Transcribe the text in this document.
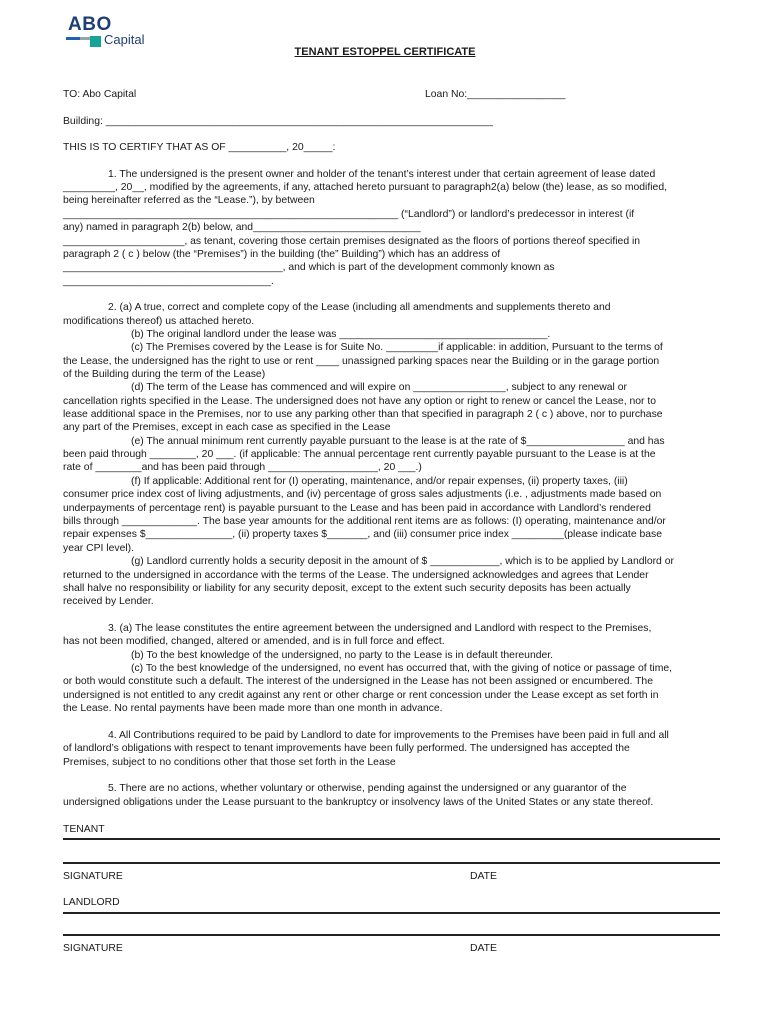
ABO
Capital
TENANT ESTOPPEL CERTIFICATE
TO: Abo Capital	Loan No:_________________
Building: ___________________________________________________________________
THIS IS TO CERTIFY THAT AS OF __________, 20_____:
1. The undersigned is the present owner and holder of the tenant’s interest under that certain agreement of lease dated
_________, 20__, modified by the agreements, if any, attached hereto pursuant to paragraph2(a) below (the) lease, as so modified,
being hereinafter referred as the “Lease.”), by between
__________________________________________________________ (“Landlord”) or landlord’s predecessor in interest (if
any) named in paragraph 2(b) below, and_____________________________
_____________________, as tenant, covering those certain premises designated as the floors of portions thereof specified in
paragraph 2 ( c ) below (the “Premises”) in the building (the” Building”) which has an address of
______________________________________, and which is part of the development commonly known as
____________________________________.
2. (a) A true, correct and complete copy of the Lease (including all amendments and supplements thereto and
modifications thereof) us attached hereto.
(b) The original landlord under the lease was ____________________________________.
(c) The Premises covered by the Lease is for Suite No. _________if applicable: in addition, Pursuant to the terms of
the Lease, the undersigned has the right to use or rent ____ unassigned parking spaces near the Building or in the garage portion
of the Building during the term of the Lease)
(d) The term of the Lease has commenced and will expire on ________________, subject to any renewal or
cancellation rights specified in the Lease. The undersigned does not have any option or right to renew or cancel the Lease, nor to
lease additional space in the Premises, nor to use any parking other than that specified in paragraph 2 ( c ) above, nor to purchase
any part of the Premises, except in each case as specified in the Lease
(e) The annual minimum rent currently payable pursuant to the lease is at the rate of $_________________ and has
been paid through ________, 20 ___. (if applicable: The annual percentage rent currently payable pursuant to the Lease is at the
rate of ________and has been paid through ___________________, 20 ___.)
(f) If applicable: Additional rent for (I) operating, maintenance, and/or repair expenses, (ii) property taxes, (iii)
consumer price index cost of living adjustments, and (iv) percentage of gross sales adjustments (i.e. , adjustments made based on
underpayments of percentage rent) is payable pursuant to the Lease and has been paid in accordance with Landlord’s rendered
bills through _____________. The base year amounts for the additional rent items are as follows: (I) operating, maintenance and/or
repair expenses $_______________, (ii) property taxes $_______, and (iii) consumer price index _________(please indicate base
year CPI level).
(g) Landlord currently holds a security deposit in the amount of $ ____________, which is to be applied by Landlord or
returned to the undersigned in accordance with the terms of the Lease. The undersigned acknowledges and agrees that Lender
shall halve no responsibility or liability for any security deposit, except to the extent such security deposits has been actually
received by Lender.
3. (a) The lease constitutes the entire agreement between the undersigned and Landlord with respect to the Premises,
has not been modified, changed, altered or amended, and is in full force and effect.
(b) To the best knowledge of the undersigned, no party to the Lease is in default thereunder.
(c) To the best knowledge of the undersigned, no event has occurred that, with the giving of notice or passage of time,
or both would constitute such a default. The interest of the undersigned in the Lease has not been assigned or encumbered. The
undersigned is not entitled to any credit against any rent or other charge or rent concession under the Lease except as set forth in
the Lease. No rental payments have been made more than one month in advance.
4. All Contributions required to be paid by Landlord to date for improvements to the Premises have been paid in full and all
of landlord’s obligations with respect to tenant improvements have been fully performed. The undersigned has accepted the
Premises, subject to no conditions other that those set forth in the Lease
5. There are no actions, whether voluntary or otherwise, pending against the undersigned or any guarantor of the
undersigned obligations under the Lease pursuant to the bankruptcy or insolvency laws of the United States or any state thereof.
TENANT
SIGNATURE	DATE
LANDLORD
SIGNATURE	DATE
